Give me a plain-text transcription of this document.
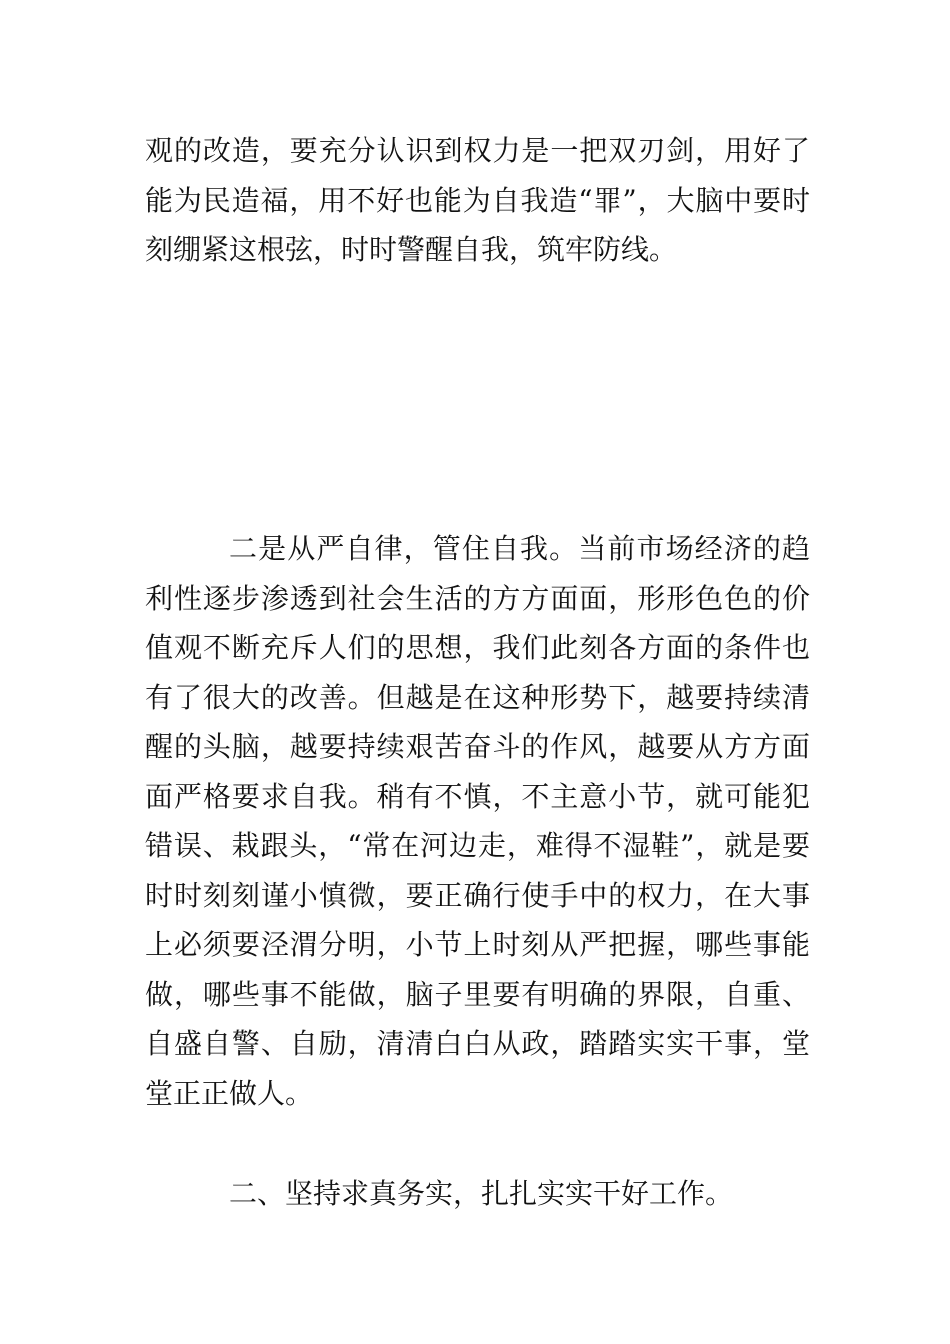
观的改造，要充分认识到权力是一把双刃剑，用好了能为民造福，用不好也能为自我造“罪”，大脑中要时刻绷紧这根弦，时时警醒自我，筑牢防线。

二是从严自律，管住自我。当前市场经济的趋利性逐步渗透到社会生活的方方面面，形形色色的价值观不断充斥人们的思想，我们此刻各方面的条件也有了很大的改善。但越是在这种形势下，越要持续清醒的头脑，越要持续艰苦奋斗的作风，越要从方方面面严格要求自我。稍有不慎，不主意小节，就可能犯错误、栽跟头，“常在河边走，难得不湿鞋”，就是要时时刻刻谨小慎微，要正确行使手中的权力，在大事上必须要泾渭分明，小节上时刻从严把握，哪些事能做，哪些事不能做，脑子里要有明确的界限，自重、自盛自警、自励，清清白白从政，踏踏实实干事，堂堂正正做人。

二、坚持求真务实，扎扎实实干好工作。
